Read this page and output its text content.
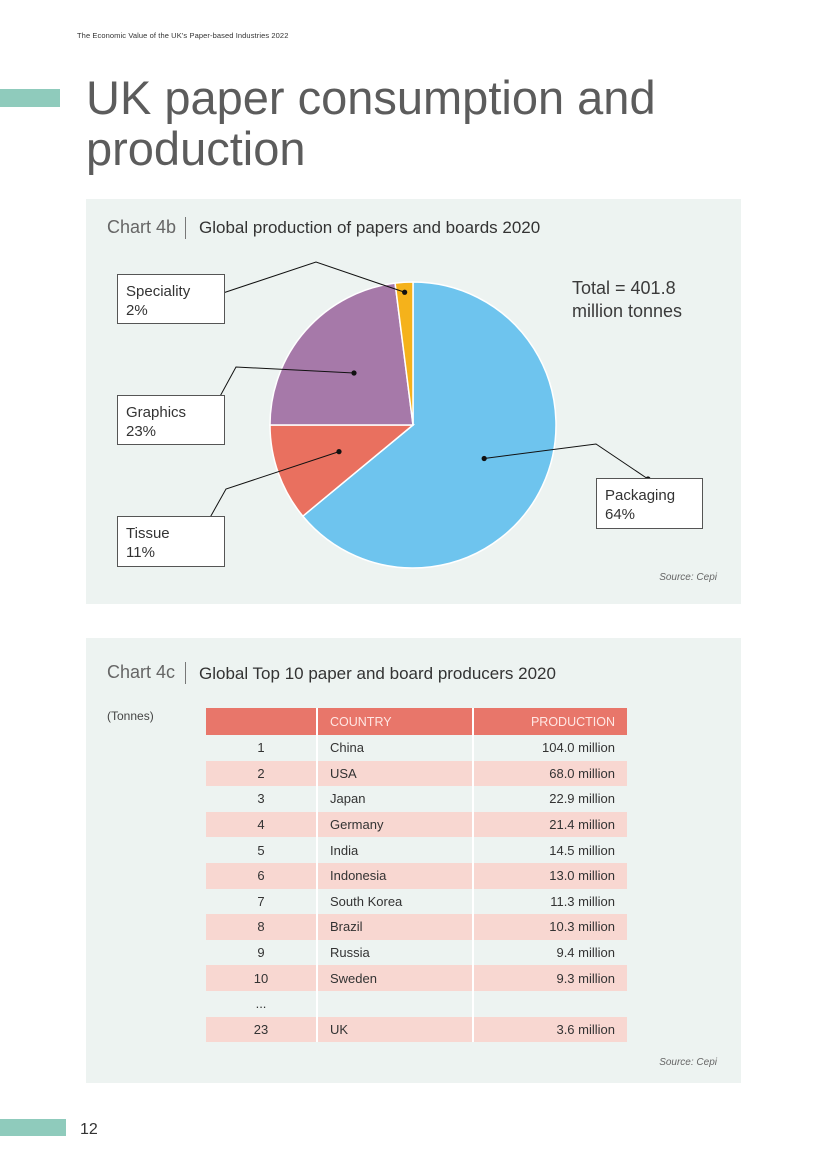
The Economic Value of the UK’s Paper-based Industries 2022
UK paper consumption and production
Chart 4b Global production of papers and boards 2020
Total = 401.8
million tonnes
Speciality
2%
Graphics
23%
Tissue
11%
Packaging
64%
Source: Cepi
Chart 4c Global Top 10 paper and board producers 2020
(Tonnes)
		COUNTRY	PRODUCTION
1	China	104.0 million
2	USA	68.0 million
3	Japan	22.9 million
4	Germany	21.4 million
5	India	14.5 million
6	Indonesia	13.0 million
7	South Korea	11.3 million
8	Brazil	10.3 million
9	Russia	9.4 million
10	Sweden	9.3 million
...		
23	UK	3.6 million
Source: Cepi
12
